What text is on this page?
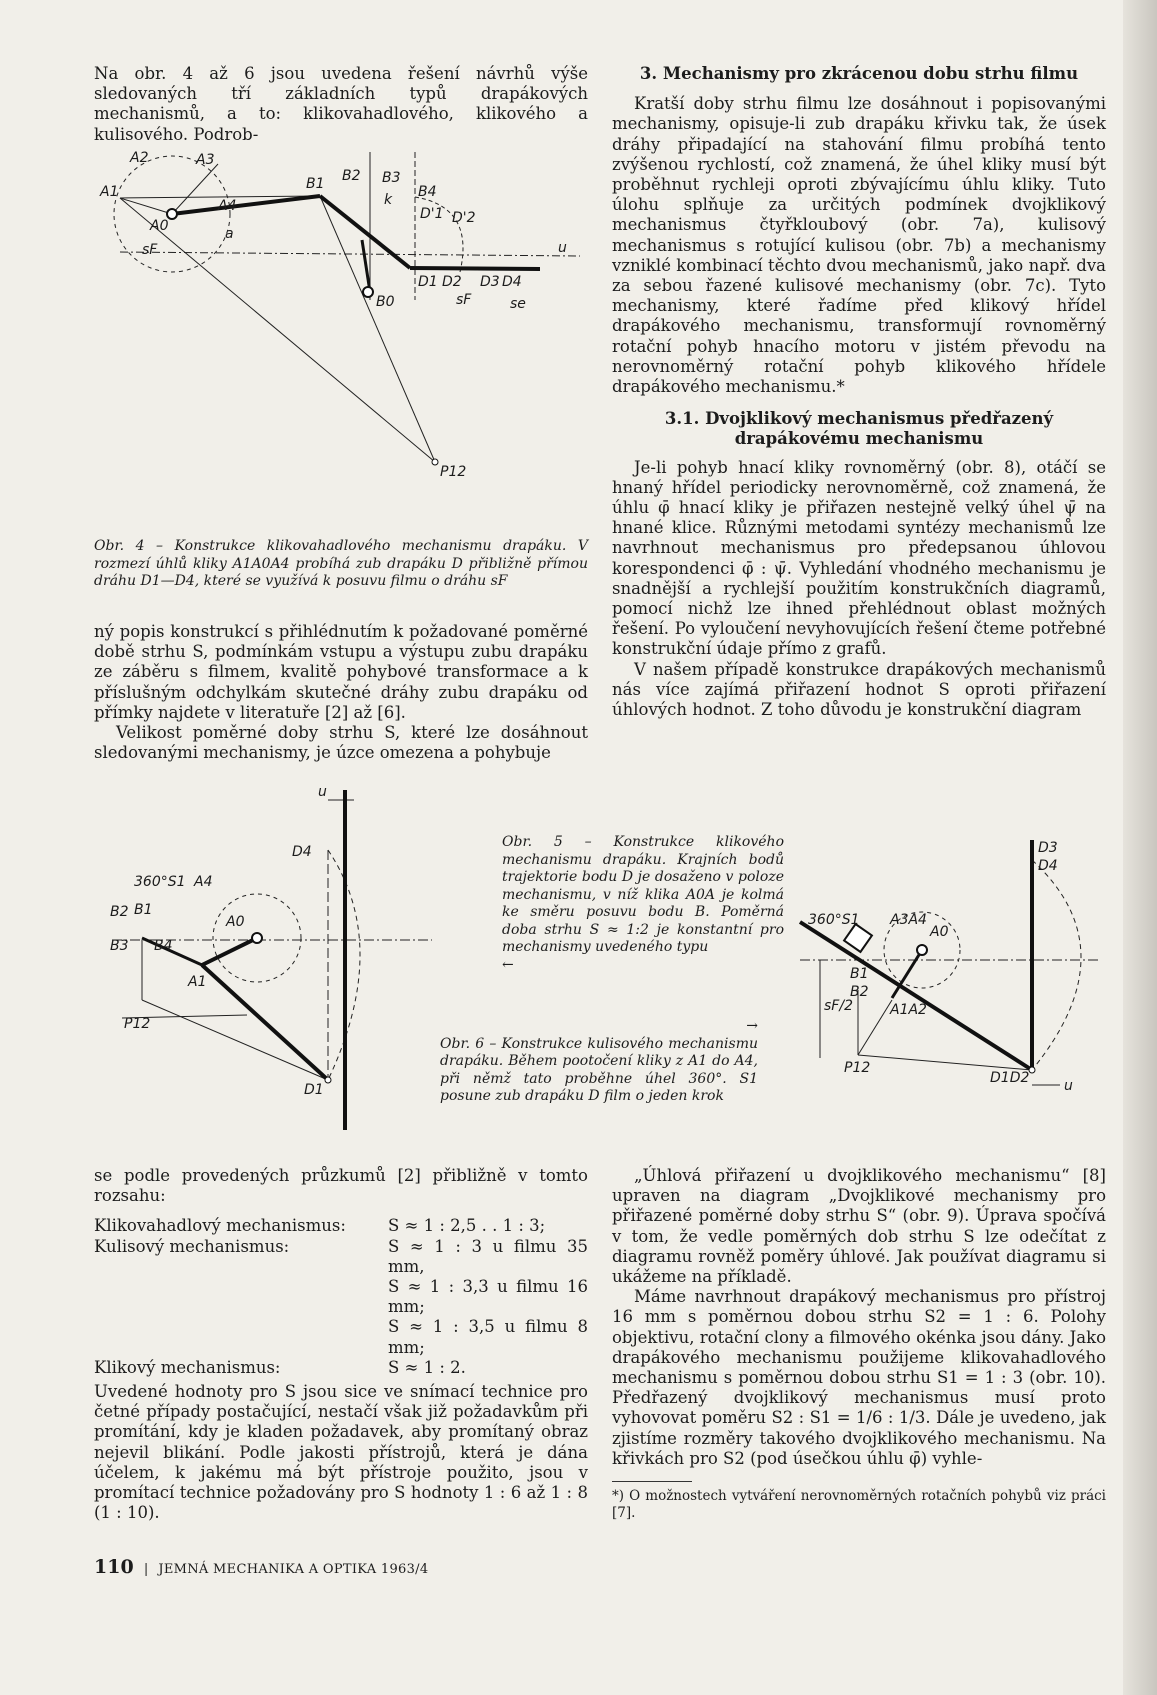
Na obr. 4 až 6 jsou uvedena řešení návrhů výše sledovaných tří základních typů drapákových mechanismů, a to: klikovahadlového, klikového a kulisového. Podrob-

A2	A3
A1
A0
A4
a
sF
B1 B2 B3
B4
k
D'1 D'2
D1 D2 D3 D4
sF	se
u
B0
P12
Obr. 4 – Konstrukce klikovahadlového mechanismu drapáku. V rozmezí úhlů kliky A1A0A4 probíhá zub drapáku D přibližně přímou dráhu D1—D4, které se využívá k posuvu filmu o dráhu sF

ný popis konstrukcí s přihlédnutím k požadované poměrné době strhu S, podmínkám vstupu a výstupu zubu drapáku ze záběru s filmem, kvalitě pohybové transformace a k příslušným odchylkám skutečné dráhy zubu drapáku od přímky najdete v literatuře [2] až [6].

Velikost poměrné doby strhu S, které lze dosáhnout sledovanými mechanismy, je úzce omezena a pohybuje

u
D4
360°S1 A4
B2 B1
A0
B3 B4
A1
P12
D1
Obr. 5 – Konstrukce klikového mechanismu drapáku. Krajních bodů trajektorie bodu D je dosaženo v poloze mechanismu, v níž klika A0A je kolmá ke směru posuvu bodu B. Poměrná doba strhu S ≈ 1:2 je konstantní pro mechanismy uvedeného typu
←
→
Obr. 6 – Konstrukce kulisového mechanismu drapáku. Během pootočení kliky z A1 do A4, při němž tato proběhne úhel 360°. S1 posune zub drapáku D film o jeden krok
D3
D4
360°S1 A3A4
A0
B1
B2
A1A2
sF/2
P12
D1D2 u

se podle provedených průzkumů [2] přibližně v tomto rozsahu:

Klikovahadlový mechanismus:	S ≈ 1 : 2,5 . . 1 : 3;
Kulisový mechanismus:	S ≈ 1 : 3 u filmu 35 mm,
	S ≈ 1 : 3,3 u filmu 16 mm;
	S ≈ 1 : 3,5 u filmu 8 mm;
Klikový mechanismus:	S ≈ 1 : 2.

Uvedené hodnoty pro S jsou sice ve snímací technice pro četné případy postačující, nestačí však již požadavkům při promítání, kdy je kladen požadavek, aby promítaný obraz nejevil blikání. Podle jakosti přístrojů, která je dána účelem, k jakému má být přístroje použito, jsou v promítací technice požadovány pro S hodnoty 1 : 6 až 1 : 8 (1 : 10).

3. Mechanismy pro zkrácenou dobu strhu filmu

Kratší doby strhu filmu lze dosáhnout i popisovanými mechanismy, opisuje-li zub drapáku křivku tak, že úsek dráhy připadající na stahování filmu probíhá tento zvýšenou rychlostí, což znamená, že úhel kliky musí být proběhnut rychleji oproti zbývajícímu úhlu kliky. Tuto úlohu splňuje za určitých podmínek dvojklikový mechanismus čtyřkloubový (obr. 7a), kulisový mechanismus s rotující kulisou (obr. 7b) a mechanismy vzniklé kombinací těchto dvou mechanismů, jako např. dva za sebou řazené kulisové mechanismy (obr. 7c). Tyto mechanismy, které řadíme před klikový hřídel drapákového mechanismu, transformují rovnoměrný rotační pohyb hnacího motoru v jistém převodu na nerovnoměrný rotační pohyb klikového hřídele drapákového mechanismu.*

3.1. Dvojklikový mechanismus předřazený drapákovému mechanismu

Je-li pohyb hnací kliky rovnoměrný (obr. 8), otáčí se hnaný hřídel periodicky nerovnoměrně, což znamená, že úhlu φ̄ hnací kliky je přiřazen nestejně velký úhel ψ̄ na hnané klice. Různými metodami syntézy mechanismů lze navrhnout mechanismus pro předepsanou úhlovou korespondenci φ̄ : ψ̄. Vyhledání vhodného mechanismu je snadnější a rychlejší použitím konstrukčních diagramů, pomocí nichž lze ihned přehlédnout oblast možných řešení. Po vyloučení nevyhovujících řešení čteme potřebné konstrukční údaje přímo z grafů.

V našem případě konstrukce drapákových mechanismů nás více zajímá přiřazení hodnot S oproti přiřazení úhlových hodnot. Z toho důvodu je konstrukční diagram

„Úhlová přiřazení u dvojklikového mechanismu“ [8] upraven na diagram „Dvojklikové mechanismy pro přiřazené poměrné doby strhu S“ (obr. 9). Úprava spočívá v tom, že vedle poměrných dob strhu S lze odečítat z diagramu rovněž poměry úhlové. Jak používat diagramu si ukážeme na příkladě.

Máme navrhnout drapákový mechanismus pro přístroj 16 mm s poměrnou dobou strhu S2 = 1 : 6. Polohy objektivu, rotační clony a filmového okénka jsou dány. Jako drapákového mechanismu použijeme klikovahadlového mechanismu s poměrnou dobou strhu S1 = 1 : 3 (obr. 10). Předřazený dvojklikový mechanismus musí proto vyhovovat poměru S2 : S1 = 1/6 : 1/3. Dále je uvedeno, jak zjistíme rozměry takového dvojklikového mechanismu. Na křivkách pro S2 (pod úsečkou úhlu φ̄) vyhle-

*) O možnostech vytváření nerovnoměrných rotačních pohybů viz práci [7].

110 | JEMNÁ MECHANIKA A OPTIKA 1963/4
